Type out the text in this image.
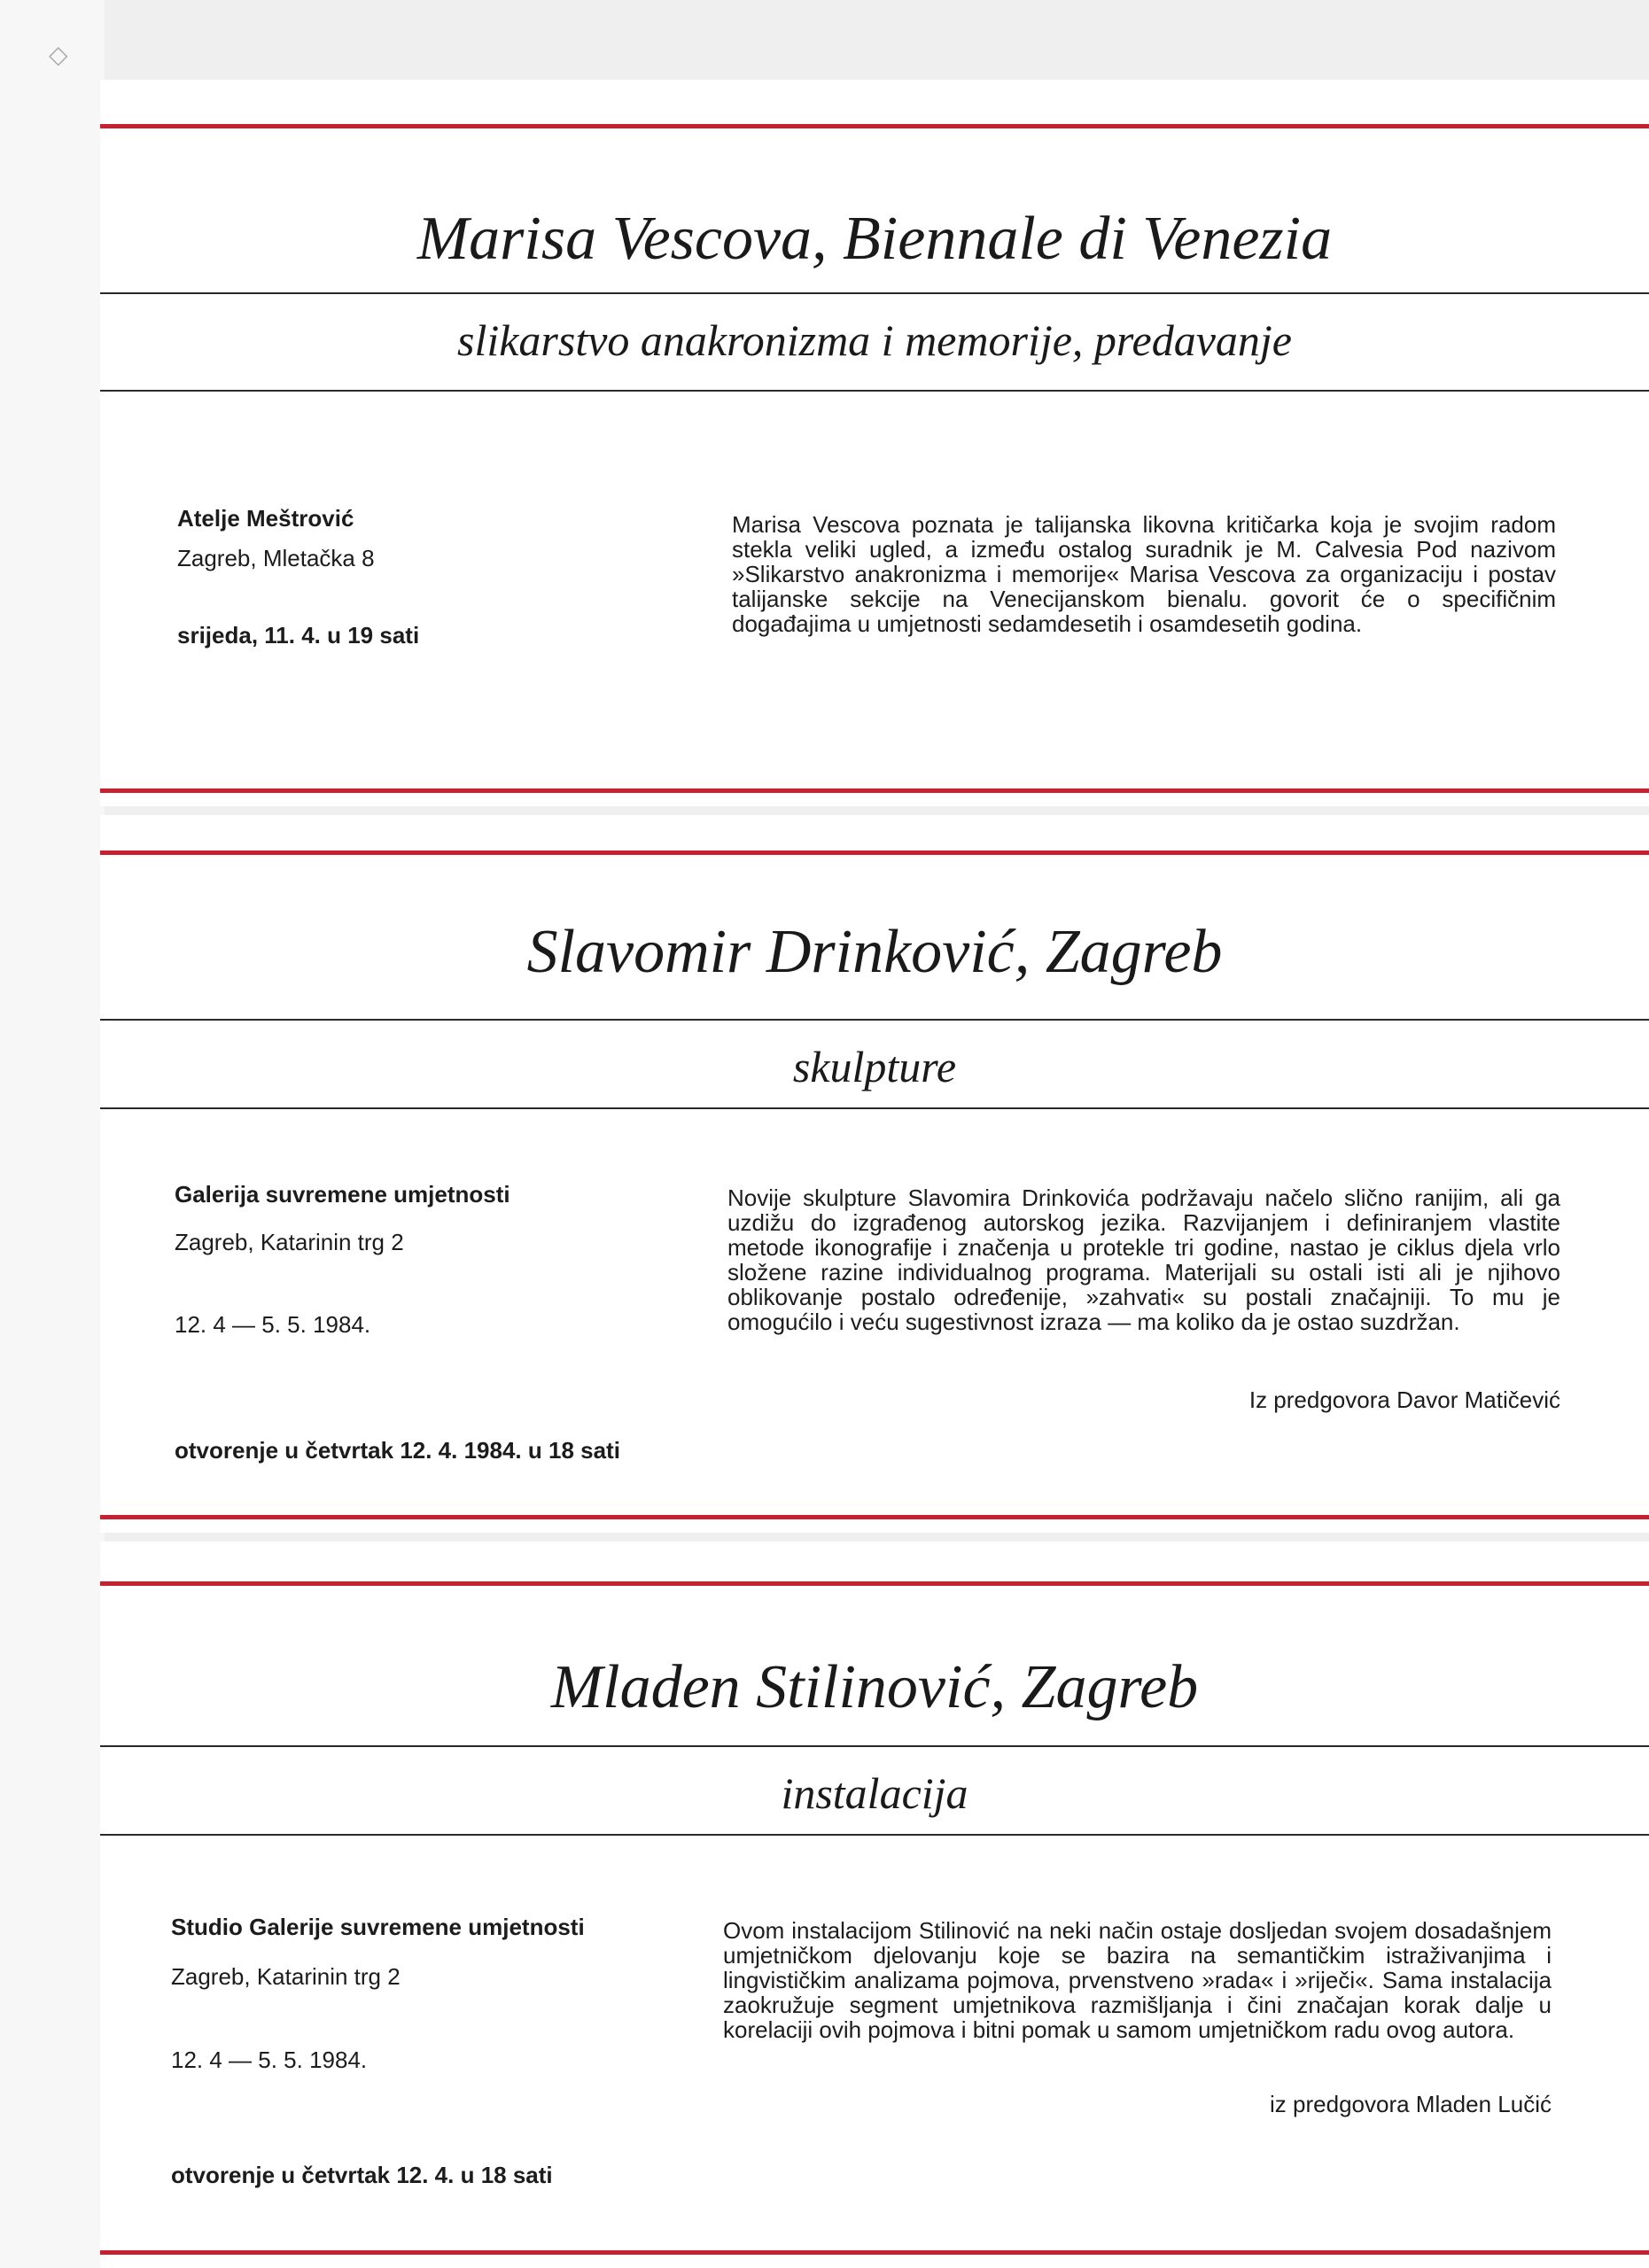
◇
Marisa Vescova, Biennale di Venezia
slikarstvo anakronizma i memorije, predavanje
Atelje Meštrović
Zagreb, Mletačka 8
srijeda, 11. 4. u 19 sati

Marisa Vescova poznata je talijanska likovna kritičarka koja je svojim radom stekla veliki ugled, a između ostalog suradnik je M. Calvesia Pod nazivom »Slikarstvo anakronizma i memorije« Marisa Vescova za organizaciju i postav talijanske sekcije na Venecijanskom bienalu. govorit će o specifičnim događajima u umjetnosti sedamdesetih i osamdesetih godina.

Slavomir Drinković, Zagreb
skulpture
Galerija suvremene umjetnosti
Zagreb, Katarinin trg 2
12. 4 — 5. 5. 1984.

Novije skulpture Slavomira Drinkovića podržavaju načelo slično ranijim, ali ga uzdižu do izgrađenog autorskog jezika. Razvijanjem i definiranjem vlastite metode ikonografije i značenja u protekle tri godine, nastao je ciklus djela vrlo složene razine individualnog programa. Materijali su ostali isti ali je njihovo oblikovanje postalo određenije, »zahvati« su postali značajniji. To mu je omogućilo i veću sugestivnost izraza — ma koliko da je ostao suzdržan.

Iz predgovora Davor Matičević
otvorenje u četvrtak 12. 4. 1984. u 18 sati
Mladen Stilinović, Zagreb
instalacija
Studio Galerije suvremene umjetnosti
Zagreb, Katarinin trg 2
12. 4 — 5. 5. 1984.

Ovom instalacijom Stilinović na neki način ostaje dosljedan svojem dosadašnjem umjetničkom djelovanju koje se bazira na semantičkim istraživanjima i lingvističkim analizama pojmova, prvenstveno »rada« i »riječi«. Sama instalacija zaokružuje segment umjetnikova razmišljanja i čini značajan korak dalje u korelaciji ovih pojmova i bitni pomak u samom umjetničkom radu ovog autora.

iz predgovora Mladen Lučić
otvorenje u četvrtak 12. 4. u 18 sati
